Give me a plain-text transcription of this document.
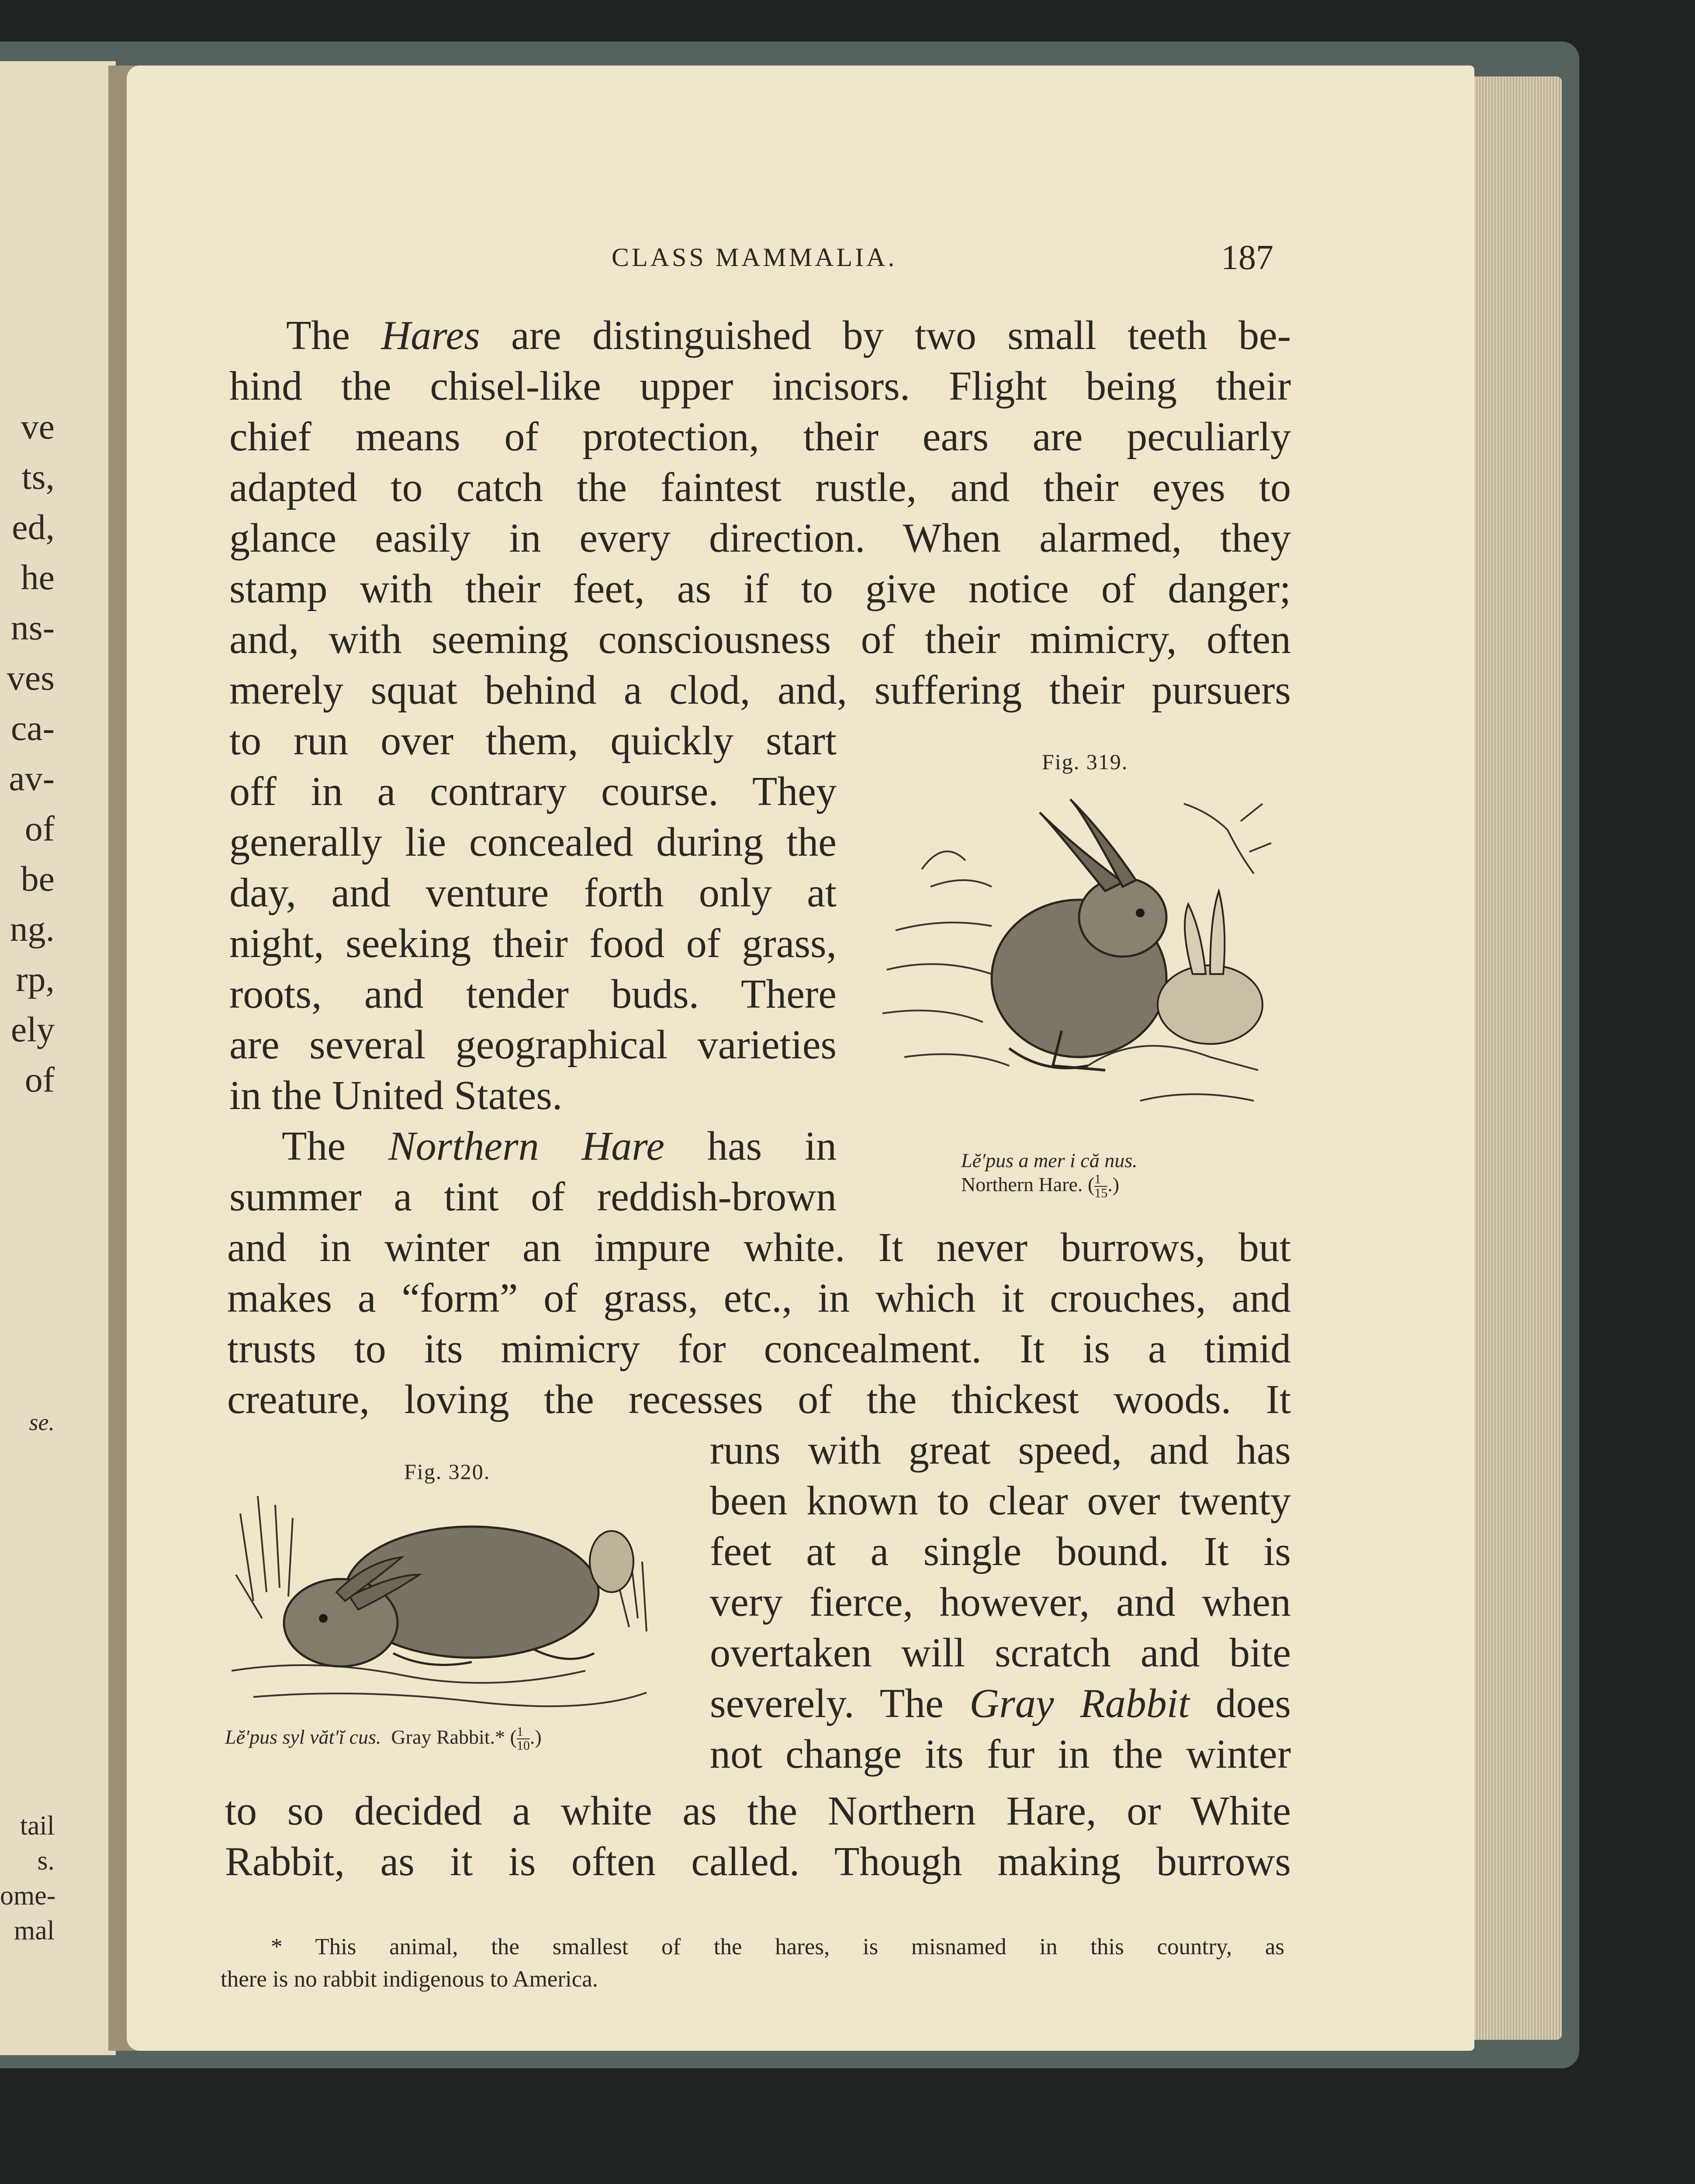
ve
ts,
ed,
he
ns-
ves
ca-
av-
of
be
ng.
rp,
ely
of
se.
tail
s.
ome-
mal
CLASS MAMMALIA.	187
The Hares are distinguished by two small teeth be-
hind the chisel-like upper incisors. Flight being their
chief means of protection, their ears are peculiarly
adapted to catch the faintest rustle, and their eyes to
glance easily in every direction. When alarmed, they
stamp with their feet, as if to give notice of danger;
and, with seeming consciousness of their mimicry, often
merely squat behind a clod, and, suffering their pursuers
to run over them, quickly start
off in a contrary course. They
generally lie concealed during the
day, and venture forth only at
night, seeking their food of grass,
roots, and tender buds. There
are several geographical varieties
in the United States.
The Northern Hare has in
summer a tint of reddish-brown
and in winter an impure white. It never burrows, but
makes a “form” of grass, etc., in which it crouches, and
trusts to its mimicry for concealment. It is a timid
creature, loving the recesses of the thickest woods. It
runs with great speed, and has
been known to clear over twenty
feet at a single bound. It is
very fierce, however, and when
overtaken will scratch and bite
severely. The Gray Rabbit does
not change its fur in the winter
to so decided a white as the Northern Hare, or White
Rabbit, as it is often called. Though making burrows
Fig. 319.
Lĕ′pus a mer i că nus.
Northern Hare. ( $\frac{1}{15}$ .)
Fig. 320.
Lĕ′pus syl văt′ĭ cus. Gray Rabbit.* ( $\frac{1}{10}$ .)
* This animal, the smallest of the hares, is misnamed in this country, as
there is no rabbit indigenous to America.
